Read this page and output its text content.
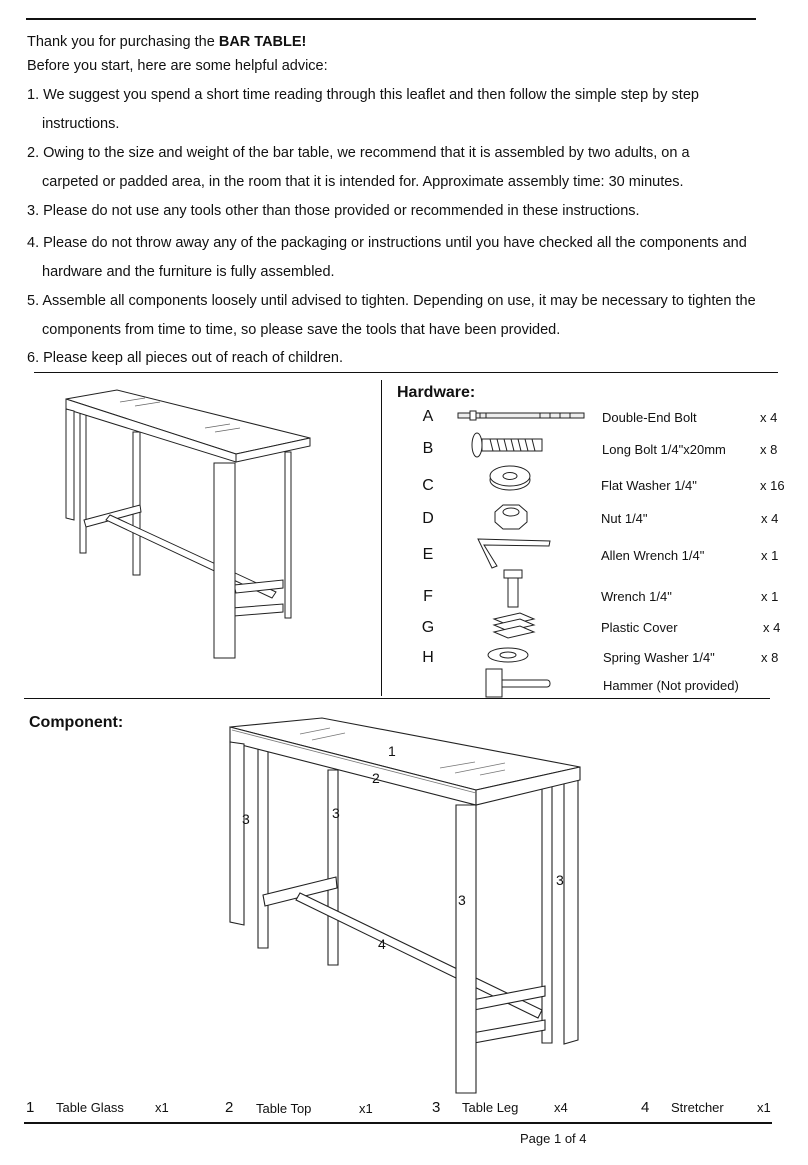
Thank you for purchasing the BAR TABLE!
Before you start, here are some helpful advice:
1. We suggest you spend a short time reading through this leaflet and then follow the simple step by step
instructions.
2. Owing to the size and weight of the bar table, we recommend that it is assembled by two adults, on a
carpeted or padded area, in the room that it is intended for. Approximate assembly time: 30 minutes.
3. Please do not use any tools other than those provided or recommended in these instructions.
4. Please do not throw away any of the packaging or instructions until you have checked all the components and
hardware and the furniture is fully assembled.
5. Assemble all components loosely until advised to tighten. Depending on use, it may be necessary to tighten the
components from time to time, so please save the tools that have been provided.
6. Please keep all pieces out of reach of children.
Hardware:
A	Double-End Bolt	x 4
B	Long Bolt 1/4"x20mm	x 8
C	Flat Washer 1/4"	x 16
D	Nut 1/4"	x 4
E	Allen Wrench 1/4"	x 1
F	Wrench 1/4"	x 1
G	Plastic Cover	x 4
H	Spring Washer 1/4"	x 8
Hammer (Not provided)
Component:
1
2
3	3
3
3
4
1 Table Glass x1	2 Table Top	x1	3 Table Leg	x4	4 Stretcher	x1
Page 1 of 4
